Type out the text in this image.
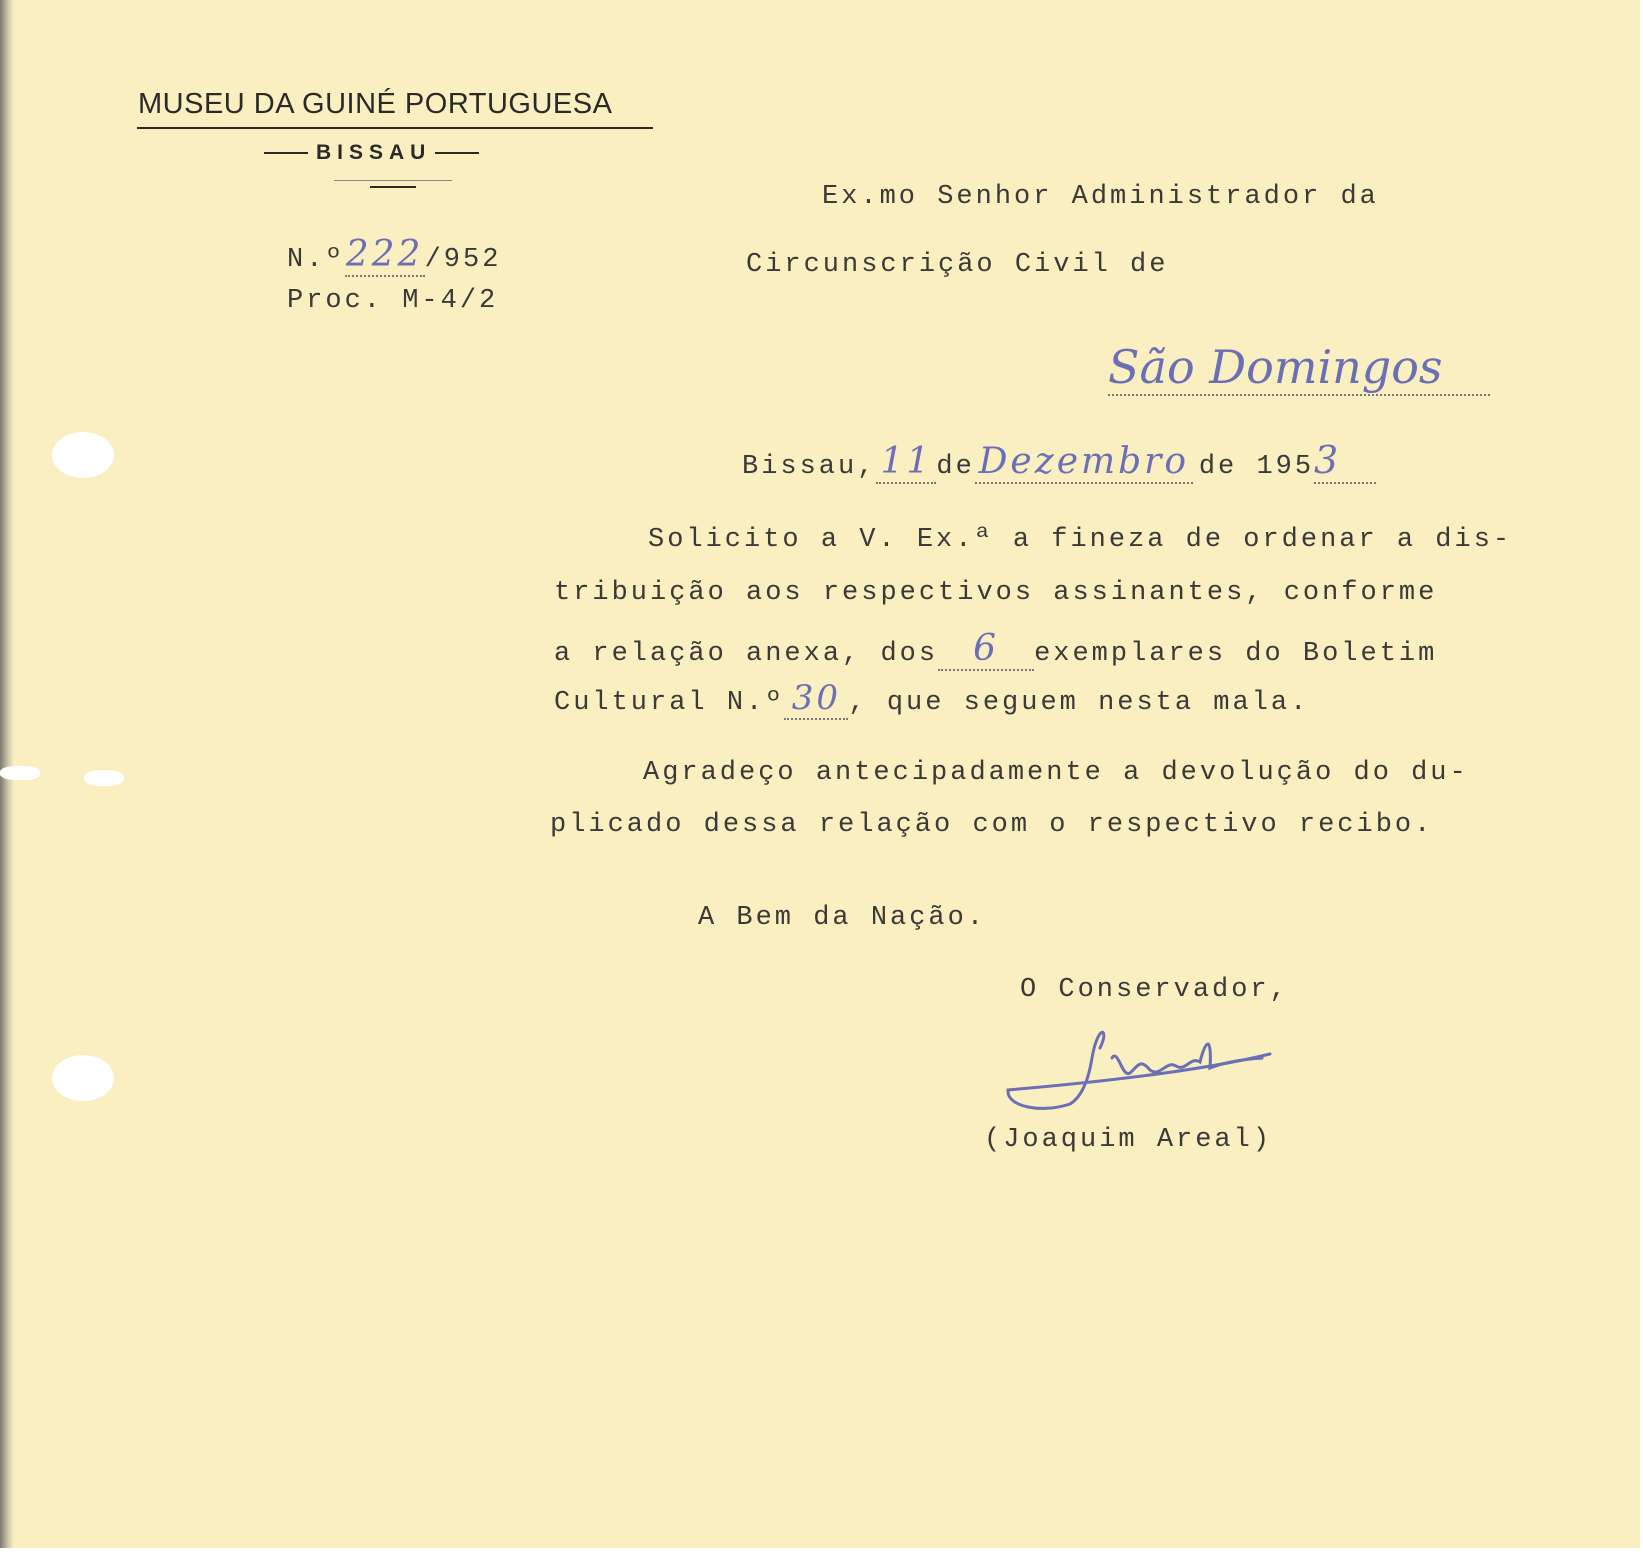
MUSEU DA GUINÉ PORTUGUESA
BISSAU
N.º222/952
Proc. M-4/2
Ex.mo Senhor Administrador da
Circunscrição Civil de
São Domingos
Bissau, 11 de Dezembro de 1953
Solicito a V. Ex.ª a fineza de ordenar a dis-
tribuição aos respectivos assinantes, conforme
a relação anexa, dos 6 exemplares do Boletim
Cultural N.º 30 , que seguem nesta mala.
Agradeço antecipadamente a devolução do du-
plicado dessa relação com o respectivo recibo.
A Bem da Nação.
O Conservador,
(Joaquim Areal)
